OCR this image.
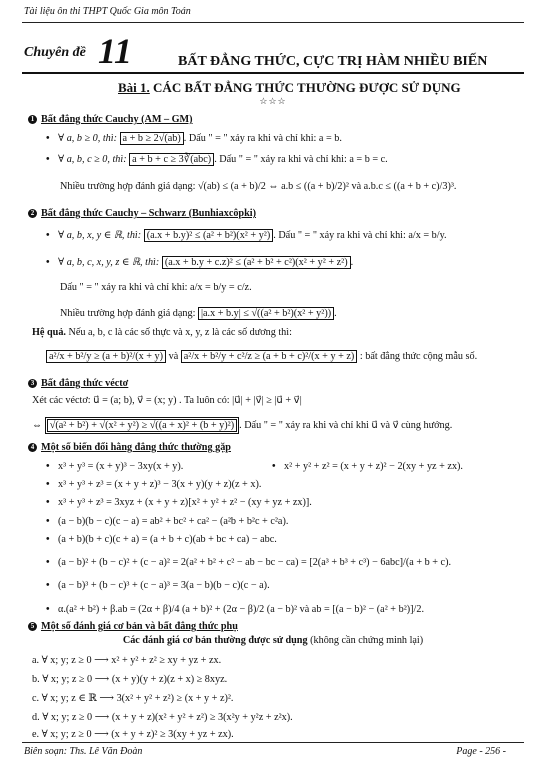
Tài liệu ôn thi THPT Quốc Gia môn Toán
Chuyên đề 11	BẤT ĐẲNG THỨC, CỰC TRỊ HÀM NHIỀU BIẾN
Bài 1. CÁC BẤT ĐẲNG THỨC THƯỜNG ĐƯỢC SỬ DỤNG
☆☆☆
1 Bất đẳng thức Cauchy (AM – GM)
• ∀ a, b ≥ 0, thì: a + b ≥ 2√(ab) . Dấu " = " xảy ra khi và chỉ khi: a = b.
• ∀ a, b, c ≥ 0, thì: a + b + c ≥ 3∛(abc) . Dấu " = " xảy ra khi và chỉ khi: a = b = c.
Nhiều trường hợp đánh giá dạng: √(ab) ≤ (a + b)/2 ⇔ a.b ≤ ((a + b)/2)² và a.b.c ≤ ((a + b + c)/3)³.
2 Bất đẳng thức Cauchy – Schwarz (Bunhiaxcôpki)
• ∀ a, b, x, y ∈ ℝ, thì: (a.x + b.y)² ≤ (a² + b²)(x² + y²) . Dấu " = " xảy ra khi và chỉ khi: a/x = b/y.
• ∀ a, b, c, x, y, z ∈ ℝ, thì: (a.x + b.y + c.z)² ≤ (a² + b² + c²)(x² + y² + z²) .
Dấu " = " xảy ra khi và chỉ khi: a/x = b/y = c/z.
Nhiều trường hợp đánh giá dạng: |a.x + b.y| ≤ √((a² + b²)(x² + y²)) .
Hệ quả. Nếu a, b, c là các số thực và x, y, z là các số dương thì:
a²/x + b²/y ≥ (a + b)²/(x + y) và a²/x + b²/y + c²/z ≥ (a + b + c)²/(x + y + z) : bất đẳng thức cộng mẫu số.
3 Bất đẳng thức véctơ
Xét các véctơ: u⃗ = (a; b), v⃗ = (x; y) . Ta luôn có: |u⃗| + |v⃗| ≥ |u⃗ + v⃗|
⇔ √(a² + b²) + √(x² + y²) ≥ √((a + x)² + (b + y)²) . Dấu " = " xảy ra khi và chỉ khi u⃗ và v⃗ cùng hướng.
4 Một số biến đổi hằng đẳng thức thường gặp
• x³ + y³ = (x + y)³ − 3xy(x + y).	• x² + y² + z² = (x + y + z)² − 2(xy + yz + zx).
• x³ + y³ + z³ = (x + y + z)³ − 3(x + y)(y + z)(z + x).
• x³ + y³ + z³ = 3xyz + (x + y + z)[x² + y² + z² − (xy + yz + zx)].
• (a − b)(b − c)(c − a) = ab² + bc² + ca² − (a²b + b²c + c²a).
• (a + b)(b + c)(c + a) = (a + b + c)(ab + bc + ca) − abc.
• (a − b)² + (b − c)² + (c − a)² = 2(a² + b² + c² − ab − bc − ca) = [2(a³ + b³ + c³) − 6abc]/(a + b + c).
• (a − b)³ + (b − c)³ + (c − a)³ = 3(a − b)(b − c)(c − a).
• α.(a² + b²) + β.ab = (2α + β)/4 (a + b)² + (2α − β)/2 (a − b)² và ab = [(a − b)² − (a² + b²)]/2.
5 Một số đánh giá cơ bản và bất đẳng thức phụ
Các đánh giá cơ bản thường được sử dụng (không cần chứng minh lại)
a. ∀ x; y; z ≥ 0 ⟶ x² + y² + z² ≥ xy + yz + zx.
b. ∀ x; y; z ≥ 0 ⟶ (x + y)(y + z)(z + x) ≥ 8xyz.
c. ∀ x; y; z ∈ ℝ ⟶ 3(x² + y² + z²) ≥ (x + y + z)².
d. ∀ x; y; z ≥ 0 ⟶ (x + y + z)(x² + y² + z²) ≥ 3(x²y + y²z + z²x).
e. ∀ x; y; z ≥ 0 ⟶ (x + y + z)² ≥ 3(xy + yz + zx).
Biên soạn: Ths. Lê Văn Đoàn	Page - 256 -
